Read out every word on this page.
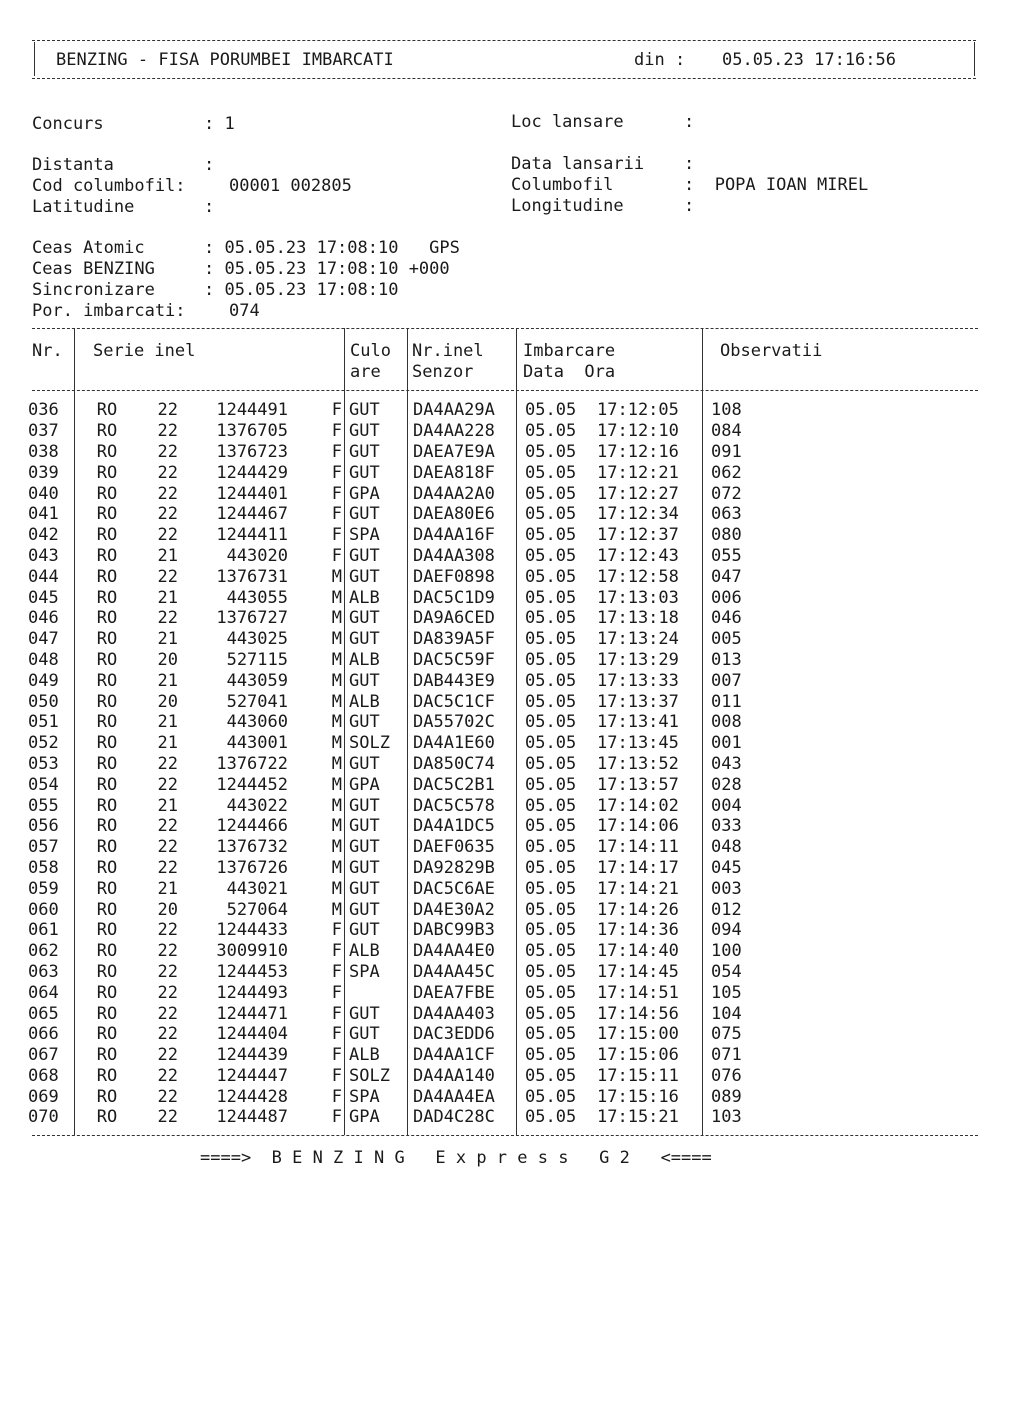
BENZING - FISA PORUMBEI IMBARCATI	din : 05.05.23 17:16:56
Concurs	: 1	Loc lansare	:
Distanta	:	Data lansarii :
Cod columbofil:	00001 002805	Columbofil	:  POPA IOAN MIREL
Latitudine	:	Longitudine	:
Ceas Atomic	: 05.05.23 17:08:10   GPS
Ceas BENZING	: 05.05.23 17:08:10 +000
Sincronizare	: 05.05.23 17:08:10
Por. imbarcati:	074
Nr. Serie inel	Culo
are
Nr.inel
Senzor
Imbarcare
Data  Ora
Observatii
036	RO	22	1244491	F	GUT	DA4AA29A	05.05	17:12:05	108
037	RO	22	1376705	F	GUT	DA4AA228	05.05	17:12:10	084
038	RO	22	1376723	F	GUT	DAEA7E9A	05.05	17:12:16	091
039	RO	22	1244429	F	GUT	DAEA818F	05.05	17:12:21	062
040	RO	22	1244401	F	GPA	DA4AA2A0	05.05	17:12:27	072
041	RO	22	1244467	F	GUT	DAEA80E6	05.05	17:12:34	063
042	RO	22	1244411	F	SPA	DA4AA16F	05.05	17:12:37	080
043	RO	21	443020	F	GUT	DA4AA308	05.05	17:12:43	055
044	RO	22	1376731	M	GUT	DAEF0898	05.05	17:12:58	047
045	RO	21	443055	M	ALB	DAC5C1D9	05.05	17:13:03	006
046	RO	22	1376727	M	GUT	DA9A6CED	05.05	17:13:18	046
047	RO	21	443025	M	GUT	DA839A5F	05.05	17:13:24	005
048	RO	20	527115	M	ALB	DAC5C59F	05.05	17:13:29	013
049	RO	21	443059	M	GUT	DAB443E9	05.05	17:13:33	007
050	RO	20	527041	M	ALB	DAC5C1CF	05.05	17:13:37	011
051	RO	21	443060	M	GUT	DA55702C	05.05	17:13:41	008
052	RO	21	443001	M	SOLZ	DA4A1E60	05.05	17:13:45	001
053	RO	22	1376722	M	GUT	DA850C74	05.05	17:13:52	043
054	RO	22	1244452	M	GPA	DAC5C2B1	05.05	17:13:57	028
055	RO	21	443022	M	GUT	DAC5C578	05.05	17:14:02	004
056	RO	22	1244466	M	GUT	DA4A1DC5	05.05	17:14:06	033
057	RO	22	1376732	M	GUT	DAEF0635	05.05	17:14:11	048
058	RO	22	1376726	M	GUT	DA92829B	05.05	17:14:17	045
059	RO	21	443021	M	GUT	DAC5C6AE	05.05	17:14:21	003
060	RO	20	527064	M	GUT	DA4E30A2	05.05	17:14:26	012
061	RO	22	1244433	F	GUT	DABC99B3	05.05	17:14:36	094
062	RO	22	3009910	F	ALB	DA4AA4E0	05.05	17:14:40	100
063	RO	22	1244453	F	SPA	DA4AA45C	05.05	17:14:45	054
064	RO	22	1244493	F		DAEA7FBE	05.05	17:14:51	105
065	RO	22	1244471	F	GUT	DA4AA403	05.05	17:14:56	104
066	RO	22	1244404	F	GUT	DAC3EDD6	05.05	17:15:00	075
067	RO	22	1244439	F	ALB	DA4AA1CF	05.05	17:15:06	071
068	RO	22	1244447	F	SOLZ	DA4AA140	05.05	17:15:11	076
069	RO	22	1244428	F	SPA	DA4AA4EA	05.05	17:15:16	089
070	RO	22	1244487	F	GPA	DAD4C28C	05.05	17:15:21	103
====>  B E N Z I N G   E x p r e s s   G 2   <====
